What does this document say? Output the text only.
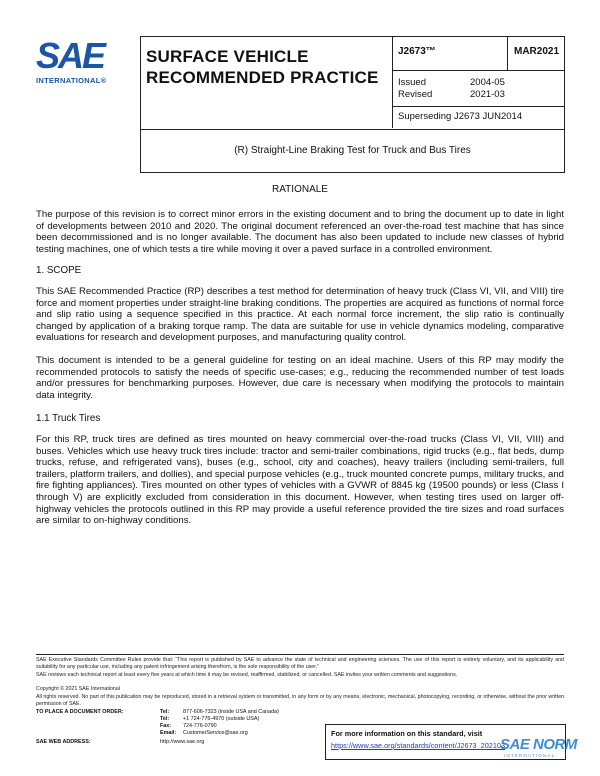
SAE
INTERNATIONAL®
SURFACE VEHICLE
RECOMMENDED PRACTICE
J2673™	MAR2021
Issued	2004-05
Revised	2021-03
Superseding J2673 JUN2014
(R) Straight-Line Braking Test for Truck and Bus Tires
RATIONALE
The purpose of this revision is to correct minor errors in the existing document and to bring the document up to date in light of developments between 2010 and 2020. The original document referenced an over-the-road test machine that has since been decommissioned and is no longer available. The document has also been updated to include new classes of hybrid testing machines, one of which tests a tire while moving it over a paved surface in a controlled environment.
1. SCOPE
This SAE Recommended Practice (RP) describes a test method for determination of heavy truck (Class VI, VII, and VIII) tire force and moment properties under straight-line braking conditions. The properties are acquired as functions of normal force and slip ratio using a sequence specified in this practice. At each normal force increment, the slip ratio is continually changed by application of a braking torque ramp. The data are suitable for use in vehicle dynamics modeling, comparative evaluations for research and development purposes, and manufacturing quality control.
This document is intended to be a general guideline for testing on an ideal machine. Users of this RP may modify the recommended protocols to satisfy the needs of specific use-cases; e.g., reducing the recommended number of test loads and/or pressures for benchmarking purposes. However, due care is necessary when modifying the protocols to maintain data integrity.
1.1 Truck Tires
For this RP, truck tires are defined as tires mounted on heavy commercial over-the-road trucks (Class VI, VII, VIII) and buses. Vehicles which use heavy truck tires include: tractor and semi-trailer combinations, rigid trucks (e.g., flat beds, dump trucks, refuse, and refrigerated vans), buses (e.g., school, city and coaches), heavy trailers (including semi-trailers, full trailers, platform trailers, and dollies), and special purpose vehicles (e.g., truck mounted concrete pumps, military trucks, and fire fighting appliances). Tires mounted on other types of vehicles with a GVWR of 8845 kg (19500 pounds) or less (Class I through V) are explicitly excluded from consideration in this document. However, when testing tires used on larger off-highway vehicles the protocols outlined in this RP may provide a useful reference provided the tire sizes and road surfaces are similar to on-highway conditions.
SAE Executive Standards Committee Rules provide that: “This report is published by SAE to advance the state of technical and engineering sciences. The use of this report is entirely voluntary, and its applicability and suitability for any particular use, including any patent infringement arising therefrom, is the sole responsibility of the user.”
SAE reviews each technical report at least every five years at which time it may be revised, reaffirmed, stabilized, or cancelled. SAE invites your written comments and suggestions.
Copyright © 2021 SAE International
All rights reserved. No part of this publication may be reproduced, stored in a retrieval system or transmitted, in any form or by any means, electronic, mechanical, photocopying, recording, or otherwise, without the prior written permission of SAE.
TO PLACE A DOCUMENT ORDER:	Tel:	877-606-7323 (inside USA and Canada)
Tel:	+1 724-776-4970 (outside USA)
Fax: 724-776-0790
Email: CustomerService@sae.org
SAE WEB ADDRESS:	http://www.sae.org
For more information on this standard, visit
https://www.sae.org/standards/content/J2673_202103
SAE NORM
INTERNATIONAL
